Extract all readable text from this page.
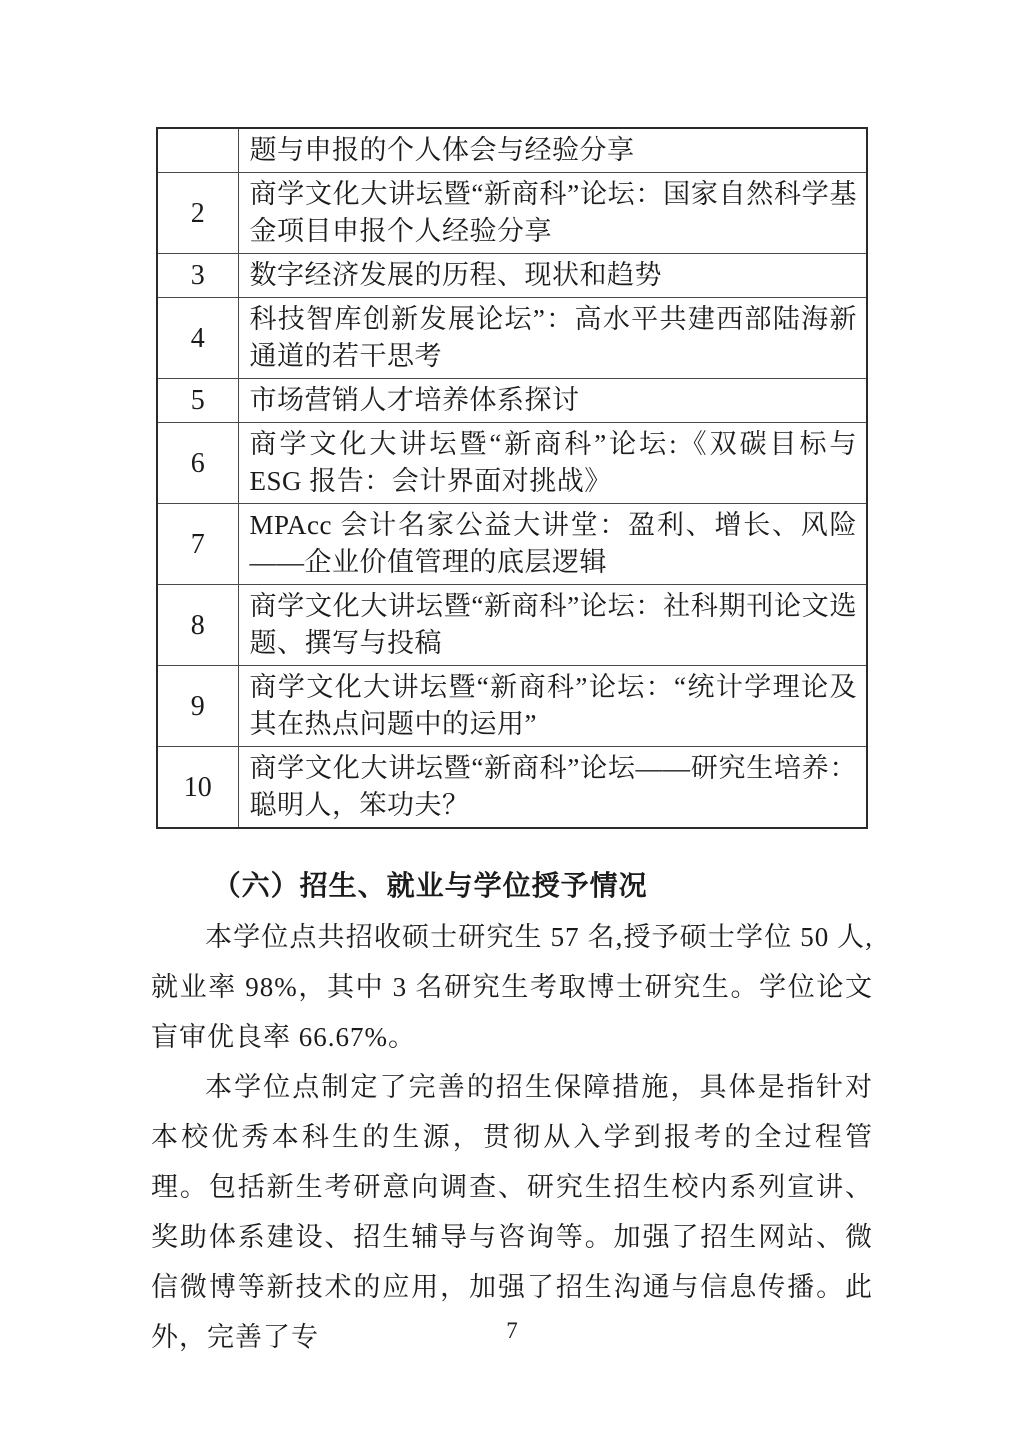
	题与申报的个人体会与经验分享
2	商学文化大讲坛暨“新商科”论坛：国家自然科学基金项目申报个人经验分享
3	数字经济发展的历程、现状和趋势
4	科技智库创新发展论坛”：高水平共建西部陆海新通道的若干思考
5	市场营销人才培养体系探讨
6	商学文化大讲坛暨“新商科”论坛:《双碳目标与 ESG 报告：会计界面对挑战》
7	MPAcc 会计名家公益大讲堂：盈利、增长、风险——企业价值管理的底层逻辑
8	商学文化大讲坛暨“新商科”论坛：社科期刊论文选题、撰写与投稿
9	商学文化大讲坛暨“新商科”论坛：“统计学理论及其在热点问题中的运用”
10	商学文化大讲坛暨“新商科”论坛——研究生培养：聪明人，笨功夫？
（六）招生、就业与学位授予情况
本学位点共招收硕士研究生 57 名,授予硕士学位 50 人,就业率 98%，其中 3 名研究生考取博士研究生。学位论文盲审优良率 66.67%。
本学位点制定了完善的招生保障措施，具体是指针对本校优秀本科生的生源，贯彻从入学到报考的全过程管理。包括新生考研意向调查、研究生招生校内系列宣讲、奖助体系建设、招生辅导与咨询等。加强了招生网站、微信微博等新技术的应用，加强了招生沟通与信息传播。此外，完善了专	7
